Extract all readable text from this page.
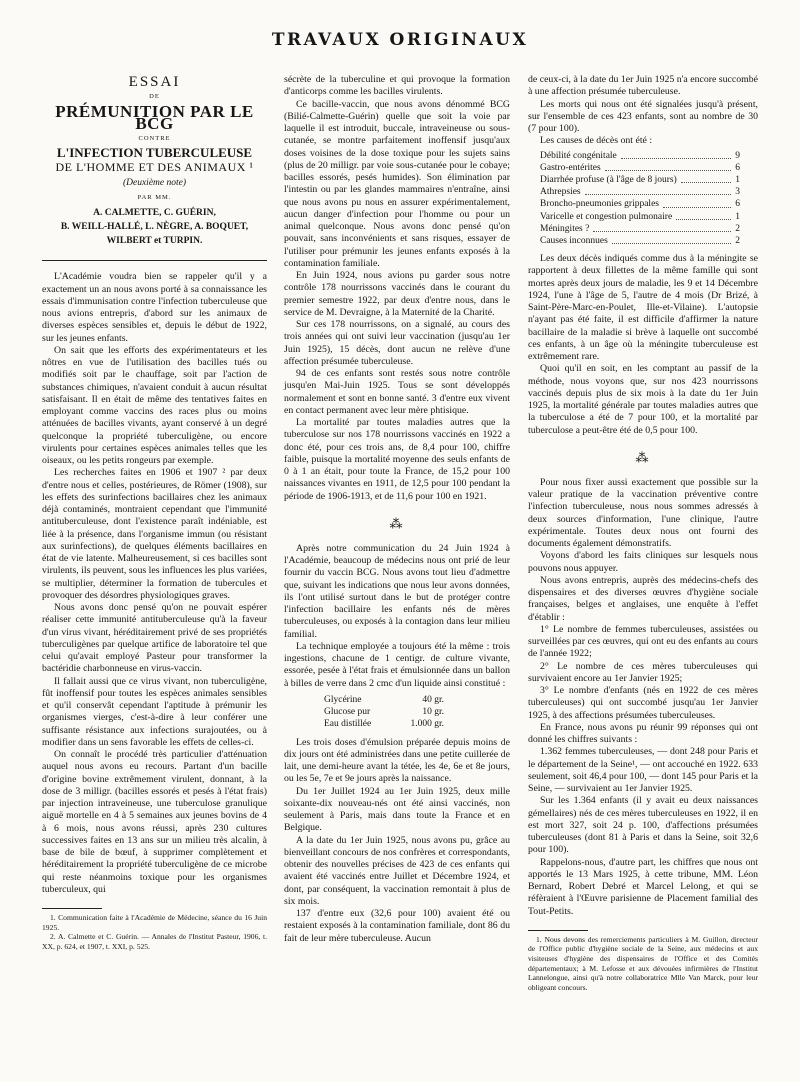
TRAVAUX ORIGINAUX
ESSAI
DE
PRÉMUNITION PAR LE BCG
CONTRE
L'INFECTION TUBERCULEUSE
DE L'HOMME ET DES ANIMAUX ¹
(Deuxième note)
PAR MM.
A. CALMETTE, C. GUÉRIN,
B. WEILL-HALLÉ, L. NÈGRE, A. BOQUET,
WILBERT et TURPIN.

L'Académie voudra bien se rappeler qu'il y a exactement un an nous avons porté à sa connaissance les essais d'immunisation contre l'infection tuberculeuse que nous avions entrepris, d'abord sur les animaux de diverses espèces sensibles et, depuis le début de 1922, sur les jeunes enfants.

On sait que les efforts des expérimentateurs et les nôtres en vue de l'utilisation des bacilles tués ou modifiés soit par le chauffage, soit par l'action de substances chimiques, n'avaient conduit à aucun résultat satisfaisant. Il en était de même des tentatives faites en employant comme vaccins des races plus ou moins atténuées de bacilles vivants, ayant conservé à un degré quelconque la propriété tuberculigène, ou encore virulents pour certaines espèces animales telles que les oiseaux, ou les petits rongeurs par exemple.

Les recherches faites en 1906 et 1907 ² par deux d'entre nous et celles, postérieures, de Römer (1908), sur les effets des surinfections bacillaires chez les animaux déjà contaminés, montraient cependant que l'immunité antituberculeuse, dont l'existence paraît indéniable, est liée à la présence, dans l'organisme immun (ou résistant aux surinfections), de quelques éléments bacillaires en état de vie latente. Malheureusement, si ces bacilles sont virulents, ils peuvent, sous les influences les plus variées, se multiplier, déterminer la formation de tubercules et provoquer des désordres physiologiques graves.

Nous avons donc pensé qu'on ne pouvait espérer réaliser cette immunité antituberculeuse qu'à la faveur d'un virus vivant, héréditairement privé de ses propriétés tuberculigènes par quelque artifice de laboratoire tel que celui qu'avait employé Pasteur pour transformer la bactéridie charbonneuse en virus-vaccin.

Il fallait aussi que ce virus vivant, non tuberculigène, fût inoffensif pour toutes les espèces animales sensibles et qu'il conservât cependant l'aptitude à prémunir les organismes vierges, c'est-à-dire à leur conférer une suffisante résistance aux infections surajoutées, ou à modifier dans un sens favorable les effets de celles-ci.

On connaît le procédé très particulier d'atténuation auquel nous avons eu recours. Partant d'un bacille d'origine bovine extrêmement virulent, donnant, à la dose de 3 milligr. (bacilles essorés et pesés à l'état frais) par injection intraveineuse, une tuberculose granulique aiguë mortelle en 4 à 5 semaines aux jeunes bovins de 4 à 6 mois, nous avons réussi, après 230 cultures successives faites en 13 ans sur un milieu très alcalin, à base de bile de bœuf, à supprimer complètement et héréditairement la propriété tuberculigène de ce microbe qui reste néanmoins toxique pour les organismes tuberculeux, qui

1. Communication faite à l'Académie de Médecine, séance du 16 Juin 1925.

2. A. Calmette et C. Guérin. — Annales de l'Institut Pasteur, 1906, t. XX, p. 624, et 1907, t. XXI, p. 525.

sécrète de la tuberculine et qui provoque la formation d'anticorps comme les bacilles virulents.

Ce bacille-vaccin, que nous avons dénommé BCG (Bilié-Calmette-Guérin) quelle que soit la voie par laquelle il est introduit, buccale, intraveineuse ou sous-cutanée, se montre parfaitement inoffensif jusqu'aux doses voisines de la dose toxique pour les sujets sains (plus de 20 milligr. par voie sous-cutanée pour le cobaye; bacilles essorés, pesés humides). Son élimination par l'intestin ou par les glandes mammaires n'entraîne, ainsi que nous avons pu nous en assurer expérimentalement, aucun danger d'infection pour l'homme ou pour un animal quelconque. Nous avons donc pensé qu'on pouvait, sans inconvénients et sans risques, essayer de l'utiliser pour prémunir les jeunes enfants exposés à la contamination familiale.

En Juin 1924, nous avions pu garder sous notre contrôle 178 nourrissons vaccinés dans le courant du premier semestre 1922, par deux d'entre nous, dans le service de M. Devraigne, à la Maternité de la Charité.

Sur ces 178 nourrissons, on a signalé, au cours des trois années qui ont suivi leur vaccination (jusqu'au 1er Juin 1925), 15 décès, dont aucun ne relève d'une affection présumée tuberculeuse.

94 de ces enfants sont restés sous notre contrôle jusqu'en Mai-Juin 1925. Tous se sont développés normalement et sont en bonne santé. 3 d'entre eux vivent en contact permanent avec leur mère phtisique.

La mortalité par toutes maladies autres que la tuberculose sur nos 178 nourrissons vaccinés en 1922 a donc été, pour ces trois ans, de 8,4 pour 100, chiffre faible, puisque la mortalité moyenne des seuls enfants de 0 à 1 an était, pour toute la France, de 15,2 pour 100 naissances vivantes en 1911, de 12,5 pour 100 pendant la période de 1906-1913, et de 11,6 pour 100 en 1921.

⁂

Après notre communication du 24 Juin 1924 à l'Académie, beaucoup de médecins nous ont prié de leur fournir du vaccin BCG. Nous avons tout lieu d'admettre que, suivant les indications que nous leur avons données, ils l'ont utilisé surtout dans le but de protéger contre l'infection bacillaire les enfants nés de mères tuberculeuses, ou exposés à la contagion dans leur milieu familial.

La technique employée a toujours été la même : trois ingestions, chacune de 1 centigr. de culture vivante, essorée, pesée à l'état frais et émulsionnée dans un ballon à billes de verre dans 2 cmc d'un liquide ainsi constitué :

Glycérine	40 gr.
Glucose pur	10 gr.
Eau distillée	1.000 gr.

Les trois doses d'émulsion préparée depuis moins de dix jours ont été administrées dans une petite cuillerée de lait, une demi-heure avant la tétée, les 4e, 6e et 8e jours, ou les 5e, 7e et 9e jours après la naissance.

Du 1er Juillet 1924 au 1er Juin 1925, deux mille soixante-dix nouveau-nés ont été ainsi vaccinés, non seulement à Paris, mais dans toute la France et en Belgique.

A la date du 1er Juin 1925, nous avons pu, grâce au bienveillant concours de nos confrères et correspondants, obtenir des nouvelles précises de 423 de ces enfants qui avaient été vaccinés entre Juillet et Décembre 1924, et dont, par conséquent, la vaccination remontait à plus de six mois.

137 d'entre eux (32,6 pour 100) avaient été ou restaient exposés à la contamination familiale, dont 86 du fait de leur mère tuberculeuse. Aucun

de ceux-ci, à la date du 1er Juin 1925 n'a encore succombé à une affection présumée tuberculeuse.

Les morts qui nous ont été signalées jusqu'à présent, sur l'ensemble de ces 423 enfants, sont au nombre de 30 (7 pour 100).

Les causes de décès ont été :

Débilité congénitale	9
Gastro-entérites	6
Diarrhée profuse (à l'âge de 8 jours)	1
Athrepsies	3
Broncho-pneumonies grippales	6
Varicelle et congestion pulmonaire	1
Méningites ?	2
Causes inconnues	2

Les deux décès indiqués comme dus à la méningite se rapportent à deux fillettes de la même famille qui sont mortes après deux jours de maladie, les 9 et 14 Décembre 1924, l'une à l'âge de 5, l'autre de 4 mois (Dr Brizé, à Saint-Père-Marc-en-Poulet, Ille-et-Vilaine). L'autopsie n'ayant pas été faite, il est difficile d'affirmer la nature bacillaire de la maladie si brève à laquelle ont succombé ces enfants, à un âge où la méningite tuberculeuse est extrêmement rare.

Quoi qu'il en soit, en les comptant au passif de la méthode, nous voyons que, sur nos 423 nourrissons vaccinés depuis plus de six mois à la date du 1er Juin 1925, la mortalité générale par toutes maladies autres que la tuberculose a été de 7 pour 100, et la mortalité par tuberculose a peut-être été de 0,5 pour 100.

⁂

Pour nous fixer aussi exactement que possible sur la valeur pratique de la vaccination préventive contre l'infection tuberculeuse, nous nous sommes adressés à deux sources d'information, l'une clinique, l'autre expérimentale. Toutes deux nous ont fourni des documents également démonstratifs.

Voyons d'abord les faits cliniques sur lesquels nous pouvons nous appuyer.

Nous avons entrepris, auprès des médecins-chefs des dispensaires et des diverses œuvres d'hygiène sociale françaises, belges et anglaises, une enquête à l'effet d'établir :

1° Le nombre de femmes tuberculeuses, assistées ou surveillées par ces œuvres, qui ont eu des enfants au cours de l'année 1922;

2° Le nombre de ces mères tuberculeuses qui survivaient encore au 1er Janvier 1925;

3° Le nombre d'enfants (nés en 1922 de ces mères tuberculeuses) qui ont succombé jusqu'au 1er Janvier 1925, à des affections présumées tuberculeuses.

En France, nous avons pu réunir 99 réponses qui ont donné les chiffres suivants :

1.362 femmes tuberculeuses, — dont 248 pour Paris et le département de la Seine¹, — ont accouché en 1922. 633 seulement, soit 46,4 pour 100, — dont 145 pour Paris et la Seine, — survivaient au 1er Janvier 1925.

Sur les 1.364 enfants (il y avait eu deux naissances gémellaires) nés de ces mères tuberculeuses en 1922, il en est mort 327, soit 24 p. 100, d'affections présumées tuberculeuses (dont 81 à Paris et dans la Seine, soit 32,6 pour 100).

Rappelons-nous, d'autre part, les chiffres que nous ont apportés le 13 Mars 1925, à cette tribune, MM. Léon Bernard, Robert Debré et Marcel Lelong, et qui se réfèraient à l'Œuvre parisienne de Placement familial des Tout-Petits.

1. Nous devons des remerciements particuliers à M. Guillon, directeur de l'Office public d'hygiène sociale de la Seine, aux médecins et aux visiteuses d'hygiène des dispensaires de l'Office et des Comités départementaux; à M. Lefosse et aux dévouées infirmières de l'Institut Lannelongue, ainsi qu'à notre collaboratrice Mlle Van Marck, pour leur obligeant concours.
